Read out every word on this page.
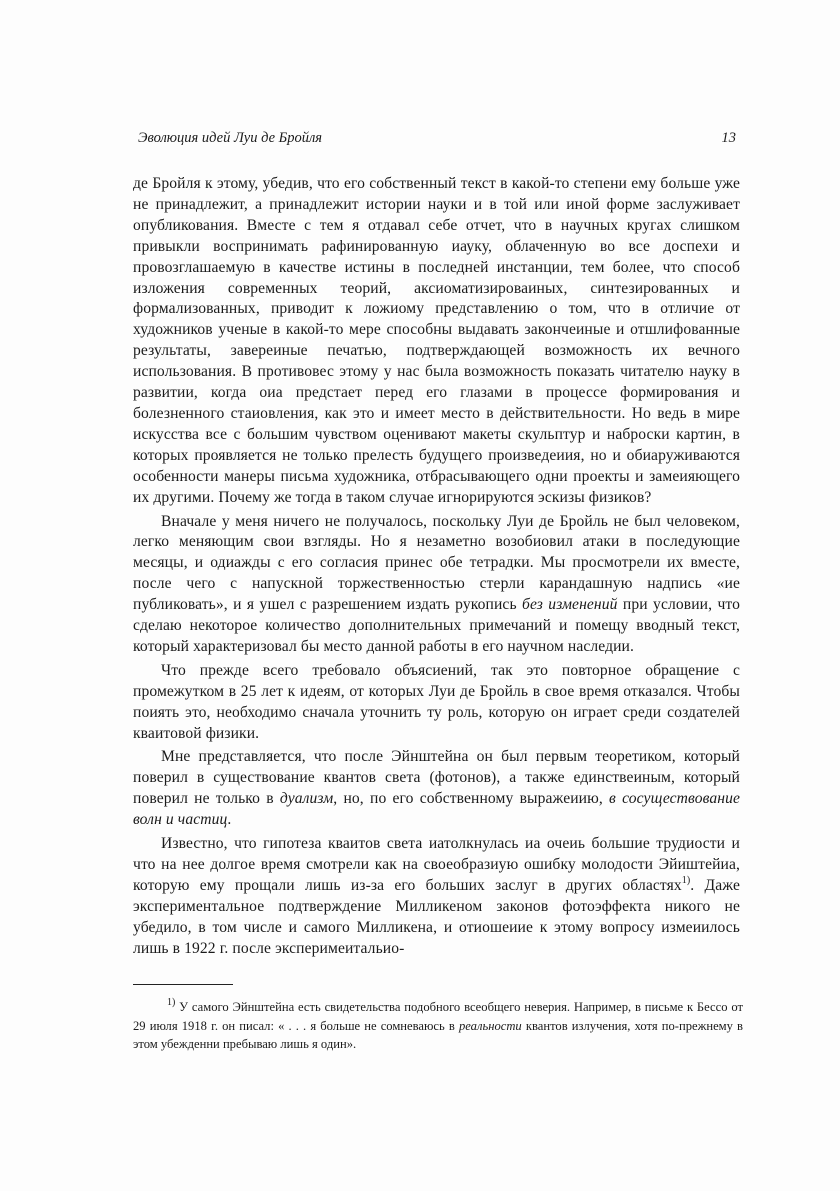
Эволюция идей Луи де Бройля	13

де Бройля к этому, убедив, что его собственный текст в какой-то степени ему больше уже не принадлежит, а принадлежит истории науки и в той или иной форме заслуживает опубликования. Вместе с тем я отдавал себе отчет, что в научных кругах слишком привыкли воспринимать рафинированную иауку, облаченную во все доспехи и провозглашаемую в качестве истины в последней инстанции, тем более, что способ изложения современных теорий, аксиоматизироваиных, синтезированных и формализованных, приводит к ложиому представлению о том, что в отличие от художников ученые в какой-то мере способны выдавать закончеиные и отшлифованные результаты, завереиные печатью, подтверждающей возможность их вечного использования. В противовес этому у нас была возможность показать читателю науку в развитии, когда оиа предстает перед его глазами в процессе формирования и болезненного стаиовления, как это и имеет место в действительности. Но ведь в мире искусства все с большим чувством оценивают макеты скульптур и наброски картин, в которых проявляется не только прелесть будущего произведеиия, но и обиаруживаются особенности манеры письма художника, отбрасывающего одни проекты и замеияющего их другими. Почему же тогда в таком случае игнорируются эскизы физиков?

Вначале у меня ничего не получалось, поскольку Луи де Бройль не был человеком, легко меняющим свои взгляды. Но я незаметно возобиовил атаки в последующие месяцы, и одиажды с его согласия принес обе тетрадки. Мы просмотрели их вместе, после чего с напускной торжественностью стерли карандашную надпись «ие публиковать», и я ушел с разрешением издать рукопись без изменений при условии, что сделаю некоторое количество дополнительных примечаний и помещу вводный текст, который характеризовал бы место данной работы в его научном наследии.

Что прежде всего требовало объясиений, так это повторное обращение с промежутком в 25 лет к идеям, от которых Луи де Бройль в свое время отказался. Чтобы поиять это, необходимо сначала уточнить ту роль, которую он играет среди создателей кваитовой физики.

Мне представляется, что после Эйнштейна он был первым теоретиком, который поверил в существование квантов света (фотонов), а также единствеиным, который поверил не только в дуализм, но, по его собственному выражеиию, в сосуществование волн и частиц.

Известно, что гипотеза кваитов света иатолкнулась иа очеиь большие трудиости и что на нее долгое время смотрели как на своеобразиую ошибку молодости Эйиштейиа, которую ему прощали лишь из-за его больших заслуг в других областях$^{1)}$. Даже экспериментальное подтверждение Милликеном законов фотоэффекта никого не убедило, в том числе и самого Милликена, и отиошеиие к этому вопросу измеиилось лишь в 1922 г. после эксперимеитальио-

$^{1)}$ У самого Эйнштейна есть свидетельства подобного всеобщего неверия. Например, в письме к Бессо от 29 июля 1918 г. он писал: « . . . я больше не сомневаюсь в реальности квантов излучения, хотя по-прежнему в этом убежденни пребываю лишь я один».
